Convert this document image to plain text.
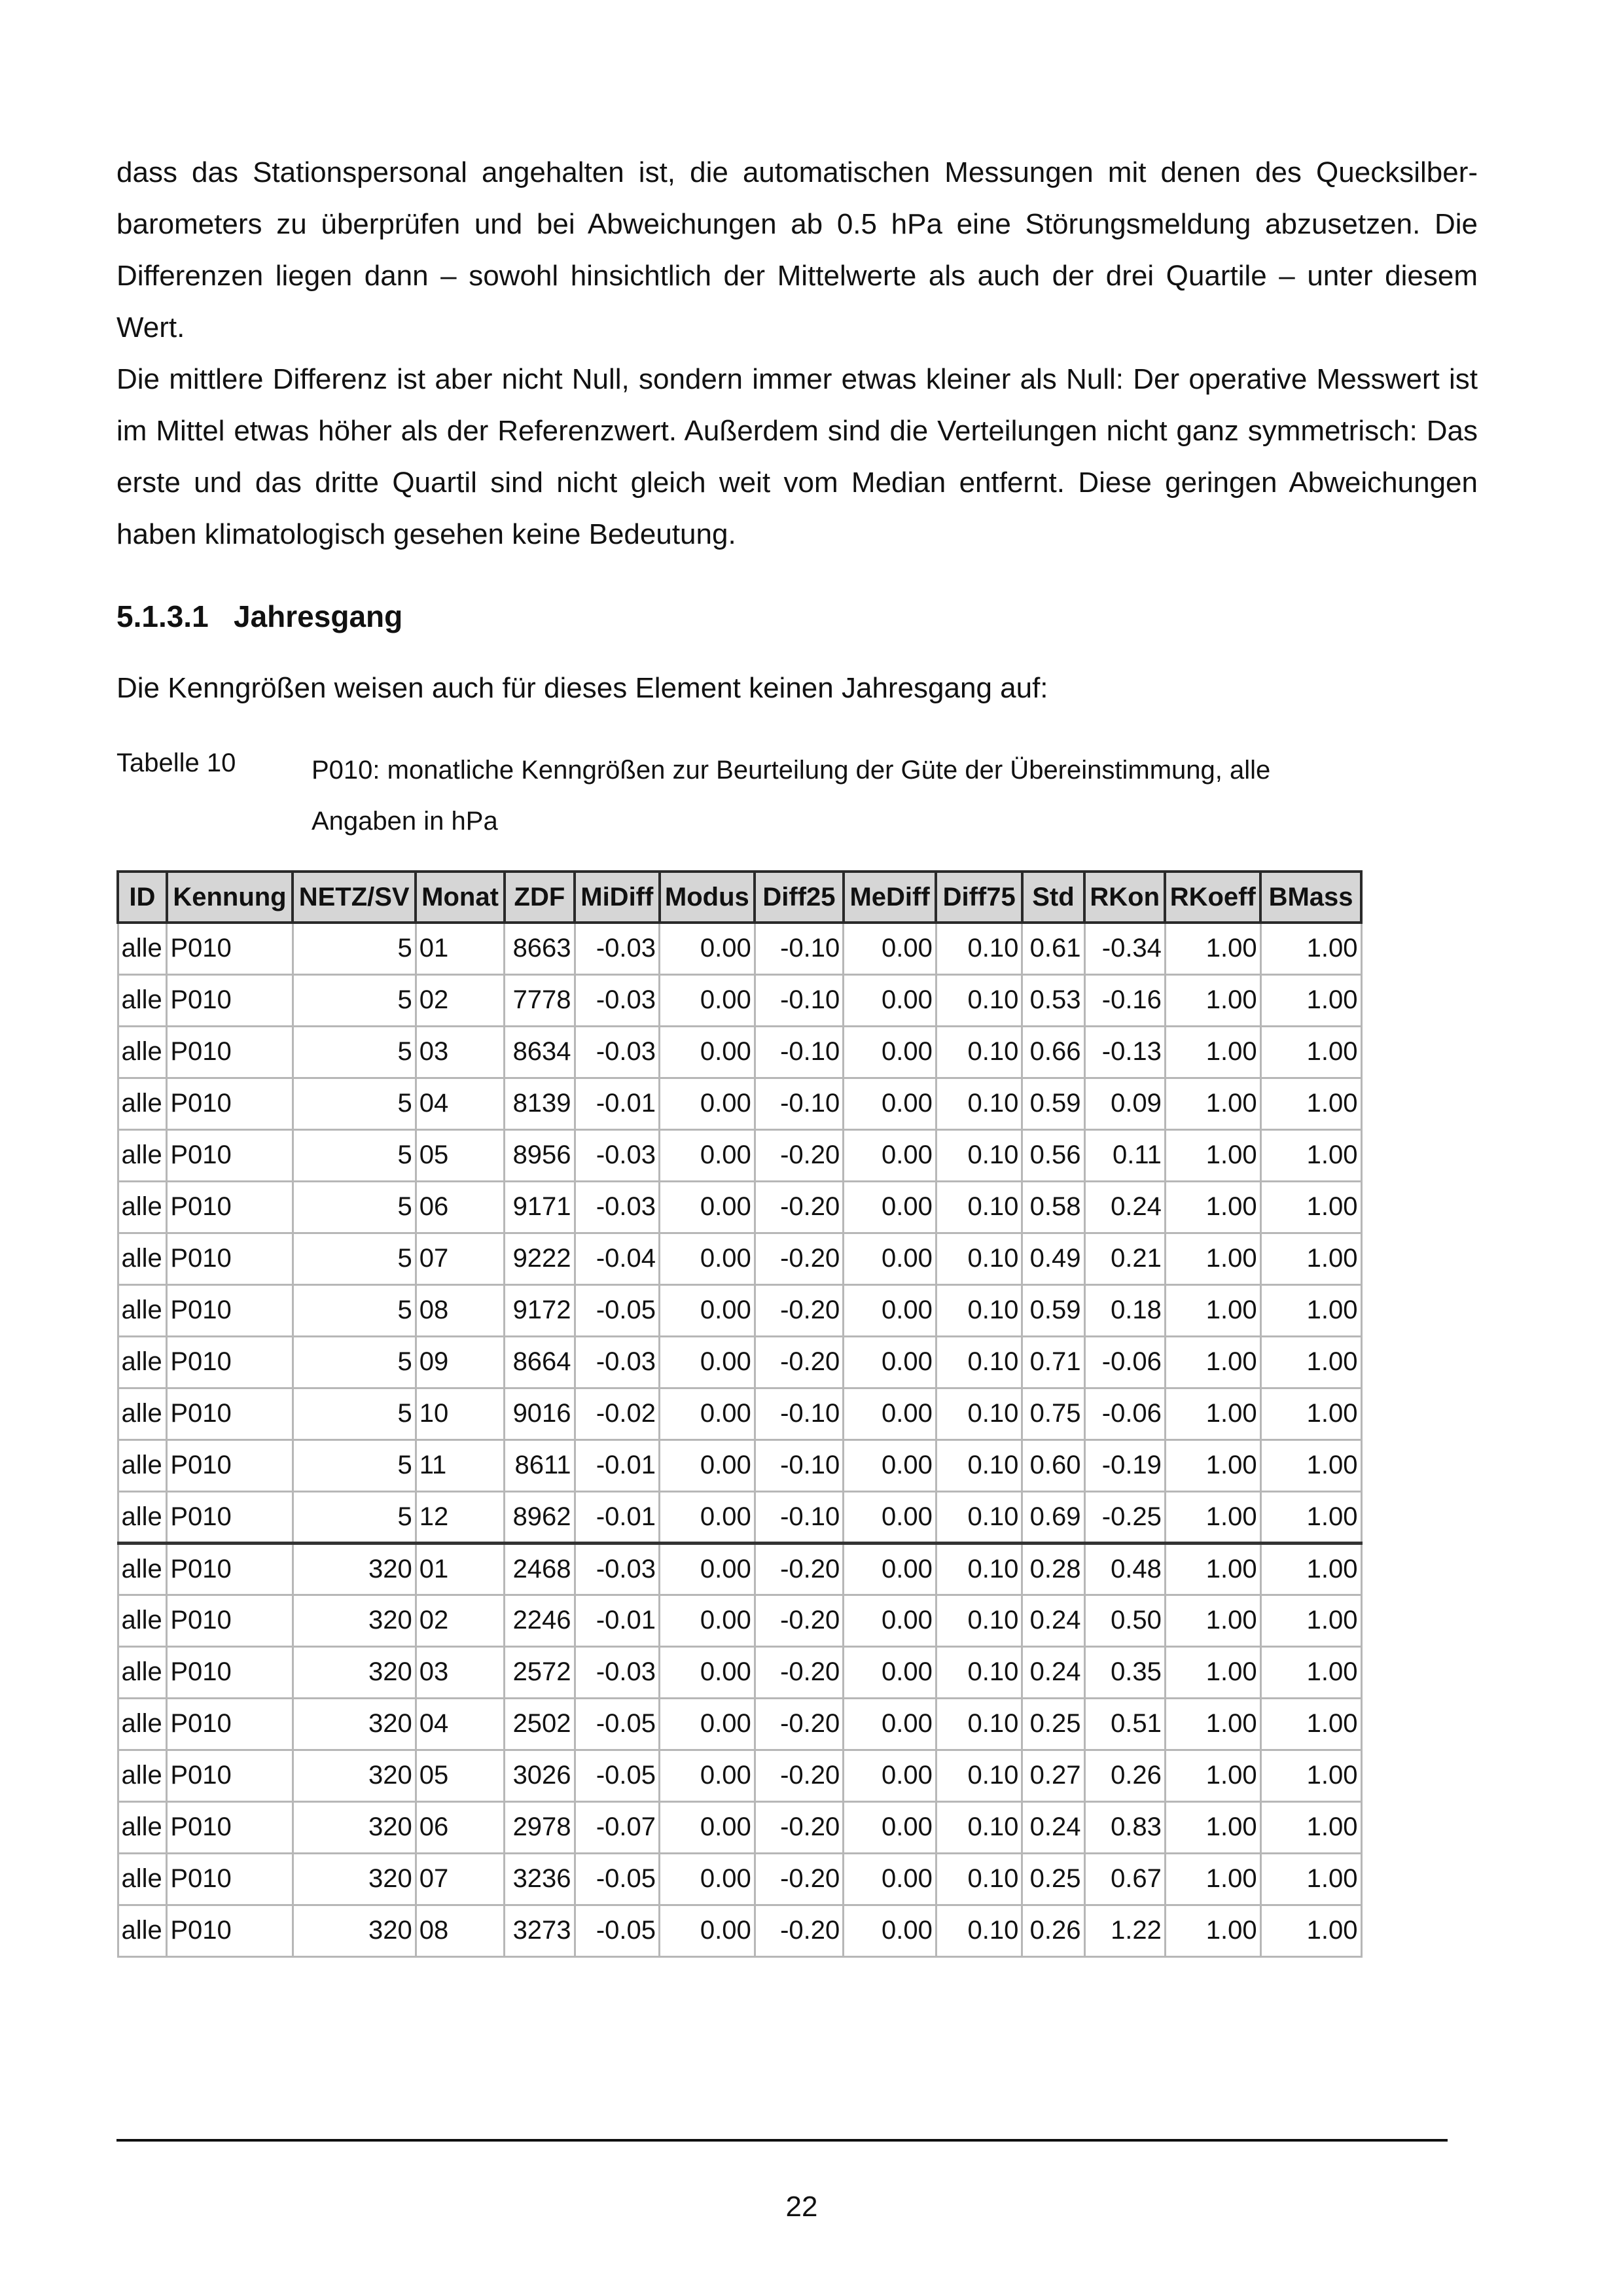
dass das Stationspersonal angehalten ist, die automatischen Messungen mit denen des Quecksilberbarometers zu überprüfen und bei Abweichungen ab 0.5 hPa eine Störungsmeldung abzusetzen. Die Differenzen liegen dann – sowohl hinsichtlich der Mittelwerte als auch der drei Quartile – unter diesem Wert.

Die mittlere Differenz ist aber nicht Null, sondern immer etwas kleiner als Null: Der operative Messwert ist im Mittel etwas höher als der Referenzwert. Außerdem sind die Verteilungen nicht ganz symmetrisch: Das erste und das dritte Quartil sind nicht gleich weit vom Median entfernt. Diese geringen Abweichungen haben klimatologisch gesehen keine Bedeutung.

5.1.3.1   Jahresgang
Die Kenngrößen weisen auch für dieses Element keinen Jahresgang auf:
Tabelle 10	P010: monatliche Kenngrößen zur Beurteilung der Güte der Übereinstimmung, alle Angaben in hPa
ID	Kennung	NETZ/SV	Monat	ZDF	MiDiff	Modus	Diff25	MeDiff	Diff75	Std	RKon	RKoeff	BMass
alle	P010	5	01	8663	-0.03	0.00	-0.10	0.00	0.10	0.61	-0.34	1.00	1.00
alle	P010	5	02	7778	-0.03	0.00	-0.10	0.00	0.10	0.53	-0.16	1.00	1.00
alle	P010	5	03	8634	-0.03	0.00	-0.10	0.00	0.10	0.66	-0.13	1.00	1.00
alle	P010	5	04	8139	-0.01	0.00	-0.10	0.00	0.10	0.59	0.09	1.00	1.00
alle	P010	5	05	8956	-0.03	0.00	-0.20	0.00	0.10	0.56	0.11	1.00	1.00
alle	P010	5	06	9171	-0.03	0.00	-0.20	0.00	0.10	0.58	0.24	1.00	1.00
alle	P010	5	07	9222	-0.04	0.00	-0.20	0.00	0.10	0.49	0.21	1.00	1.00
alle	P010	5	08	9172	-0.05	0.00	-0.20	0.00	0.10	0.59	0.18	1.00	1.00
alle	P010	5	09	8664	-0.03	0.00	-0.20	0.00	0.10	0.71	-0.06	1.00	1.00
alle	P010	5	10	9016	-0.02	0.00	-0.10	0.00	0.10	0.75	-0.06	1.00	1.00
alle	P010	5	11	8611	-0.01	0.00	-0.10	0.00	0.10	0.60	-0.19	1.00	1.00
alle	P010	5	12	8962	-0.01	0.00	-0.10	0.00	0.10	0.69	-0.25	1.00	1.00
alle	P010	320	01	2468	-0.03	0.00	-0.20	0.00	0.10	0.28	0.48	1.00	1.00
alle	P010	320	02	2246	-0.01	0.00	-0.20	0.00	0.10	0.24	0.50	1.00	1.00
alle	P010	320	03	2572	-0.03	0.00	-0.20	0.00	0.10	0.24	0.35	1.00	1.00
alle	P010	320	04	2502	-0.05	0.00	-0.20	0.00	0.10	0.25	0.51	1.00	1.00
alle	P010	320	05	3026	-0.05	0.00	-0.20	0.00	0.10	0.27	0.26	1.00	1.00
alle	P010	320	06	2978	-0.07	0.00	-0.20	0.00	0.10	0.24	0.83	1.00	1.00
alle	P010	320	07	3236	-0.05	0.00	-0.20	0.00	0.10	0.25	0.67	1.00	1.00
alle	P010	320	08	3273	-0.05	0.00	-0.20	0.00	0.10	0.26	1.22	1.00	1.00
22
